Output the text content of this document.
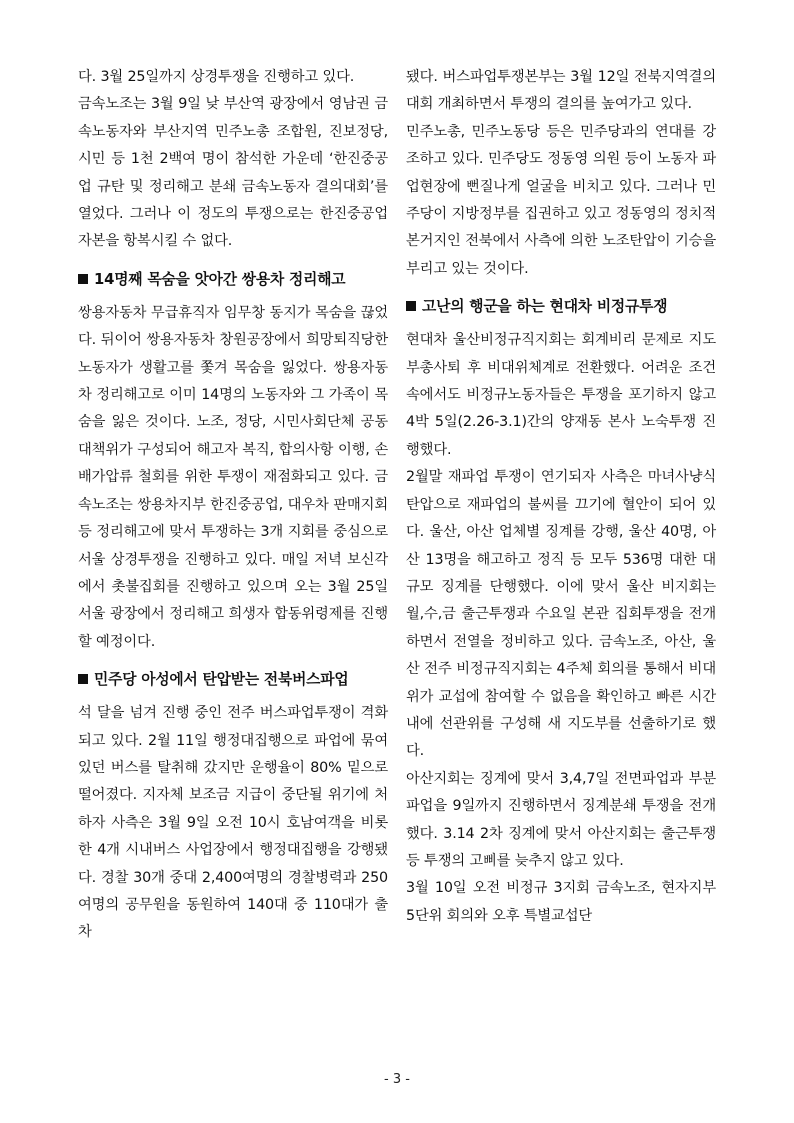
다. 3월 25일까지 상경투쟁을 진행하고 있다.

금속노조는 3월 9일 낮 부산역 광장에서 영남권 금속노동자와 부산지역 민주노총 조합원, 진보정당, 시민 등 1천 2백여 명이 참석한 가운데 ‘한진중공업 규탄 및 정리해고 분쇄 금속노동자 결의대회’를 열었다. 그러나 이 정도의 투쟁으로는 한진중공업 자본을 항복시킬 수 없다.

14명째 목숨을 앗아간 쌍용차 정리해고

쌍용자동차 무급휴직자 임무창 동지가 목숨을 끊었다. 뒤이어 쌍용자동차 창원공장에서 희망퇴직당한 노동자가 생활고를 쫓겨 목숨을 잃었다. 쌍용자동차 정리해고로 이미 14명의 노동자와 그 가족이 목숨을 잃은 것이다. 노조, 정당, 시민사회단체 공동대책위가 구성되어 해고자 복직, 합의사항 이행, 손배가압류 철회를 위한 투쟁이 재점화되고 있다. 금속노조는 쌍용차지부 한진중공업, 대우차 판매지회 등 정리해고에 맞서 투쟁하는 3개 지회를 중심으로 서울 상경투쟁을 진행하고 있다. 매일 저녁 보신각에서 촛불집회를 진행하고 있으며 오는 3월 25일 서울 광장에서 정리해고 희생자 합동위령제를 진행할 예정이다.

민주당 아성에서 탄압받는 전북버스파업

석 달을 넘겨 진행 중인 전주 버스파업투쟁이 격화되고 있다. 2월 11일 행정대집행으로 파업에 묶여 있던 버스를 탈취해 갔지만 운행율이 80% 밑으로 떨어졌다. 지자체 보조금 지급이 중단될 위기에 처하자 사측은 3월 9일 오전 10시 호남여객을 비롯한 4개 시내버스 사업장에서 행정대집행을 강행됐다. 경찰 30개 중대 2,400여명의 경찰병력과 250여명의 공무원을 동원하여 140대 중 110대가 출차

됐다. 버스파업투쟁본부는 3월 12일 전북지역결의대회 개최하면서 투쟁의 결의를 높여가고 있다.

민주노총, 민주노동당 등은 민주당과의 연대를 강조하고 있다. 민주당도 정동영 의원 등이 노동자 파업현장에 뻔질나게 얼굴을 비치고 있다. 그러나 민주당이 지방정부를 집권하고 있고 정동영의 정치적 본거지인 전북에서 사측에 의한 노조탄압이 기승을 부리고 있는 것이다.

고난의 행군을 하는 현대차 비정규투쟁

현대차 울산비정규직지회는 회계비리 문제로 지도부총사퇴 후 비대위체계로 전환했다. 어려운 조건 속에서도 비정규노동자들은 투쟁을 포기하지 않고 4박 5일(2.26-3.1)간의 양재동 본사 노숙투쟁 진행했다.

2월말 재파업 투쟁이 연기되자 사측은 마녀사냥식 탄압으로 재파업의 불씨를 끄기에 혈안이 되어 있다. 울산, 아산 업체별 징계를 강행, 울산 40명, 아산 13명을 해고하고 정직 등 모두 536명 대한 대규모 징계를 단행했다. 이에 맞서 울산 비지회는 월,수,금 출근투쟁과 수요일 본관 집회투쟁을 전개하면서 전열을 정비하고 있다. 금속노조, 아산, 울산 전주 비정규직지회는 4주체 회의를 통해서 비대위가 교섭에 참여할 수 없음을 확인하고 빠른 시간 내에 선관위를 구성해 새 지도부를 선출하기로 했다.

아산지회는 징계에 맞서 3,4,7일 전면파업과 부분파업을 9일까지 진행하면서 징계분쇄 투쟁을 전개했다. 3.14 2차 징계에 맞서 아산지회는 출근투쟁 등 투쟁의 고삐를 늦추지 않고 있다.

3월 10일 오전 비정규 3지회 금속노조, 현자지부 5단위 회의와 오후 특별교섭단

- 3 -
